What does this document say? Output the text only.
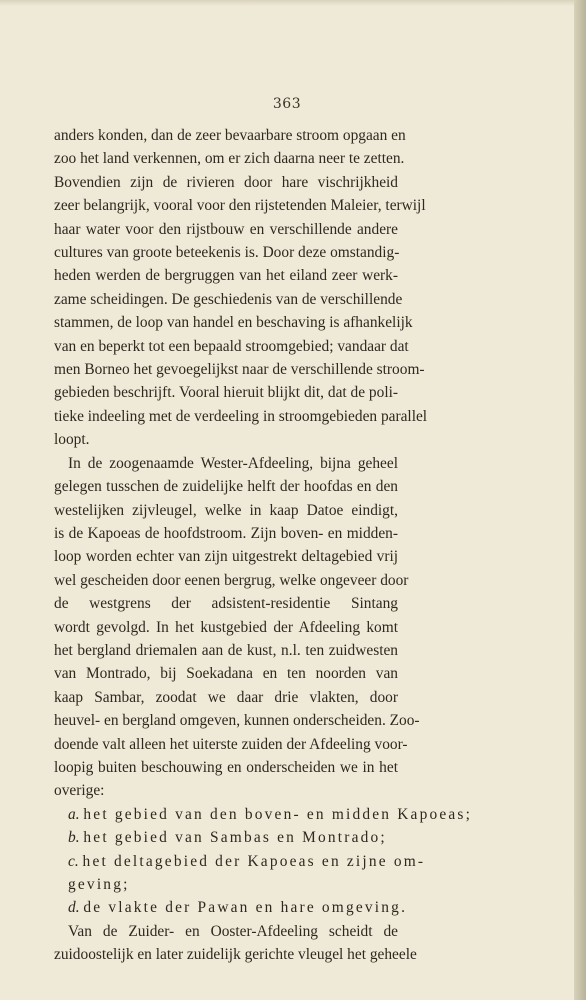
363
anders konden, dan de zeer bevaarbare stroom opgaan en
zoo het land verkennen, om er zich daarna neer te zetten.
Bovendien zijn de rivieren door hare vischrijkheid
zeer belangrijk, vooral voor den rijstetenden Maleier, terwijl
haar water voor den rijstbouw en verschillende andere
cultures van groote beteekenis is. Door deze omstandig-
heden werden de bergruggen van het eiland zeer werk-
zame scheidingen. De geschiedenis van de verschillende
stammen, de loop van handel en beschaving is afhankelijk
van en beperkt tot een bepaald stroomgebied; vandaar dat
men Borneo het gevoegelijkst naar de verschillende stroom-
gebieden beschrijft. Vooral hieruit blijkt dit, dat de poli-
tieke indeeling met de verdeeling in stroomgebieden parallel
loopt.
In de zoogenaamde Wester-Afdeeling, bijna geheel
gelegen tusschen de zuidelijke helft der hoofdas en den
westelijken zijvleugel, welke in kaap Datoe eindigt,
is de Kapoeas de hoofdstroom. Zijn boven- en midden-
loop worden echter van zijn uitgestrekt deltagebied vrij
wel gescheiden door eenen bergrug, welke ongeveer door
de westgrens der adsistent-residentie Sintang
wordt gevolgd. In het kustgebied der Afdeeling komt
het bergland driemalen aan de kust, n.l. ten zuidwesten
van Montrado, bij Soekadana en ten noorden van
kaap Sambar, zoodat we daar drie vlakten, door
heuvel- en bergland omgeven, kunnen onderscheiden. Zoo-
doende valt alleen het uiterste zuiden der Afdeeling voor-
loopig buiten beschouwing en onderscheiden we in het
overige:
a. het gebied van den boven- en midden Kapoeas;
b. het gebied van Sambas en Montrado;
c. het deltagebied der Kapoeas en zijne om-
geving;
d. de vlakte der Pawan en hare omgeving.
Van de Zuider- en Ooster-Afdeeling scheidt de
zuidoostelijk en later zuidelijk gerichte vleugel het geheele
